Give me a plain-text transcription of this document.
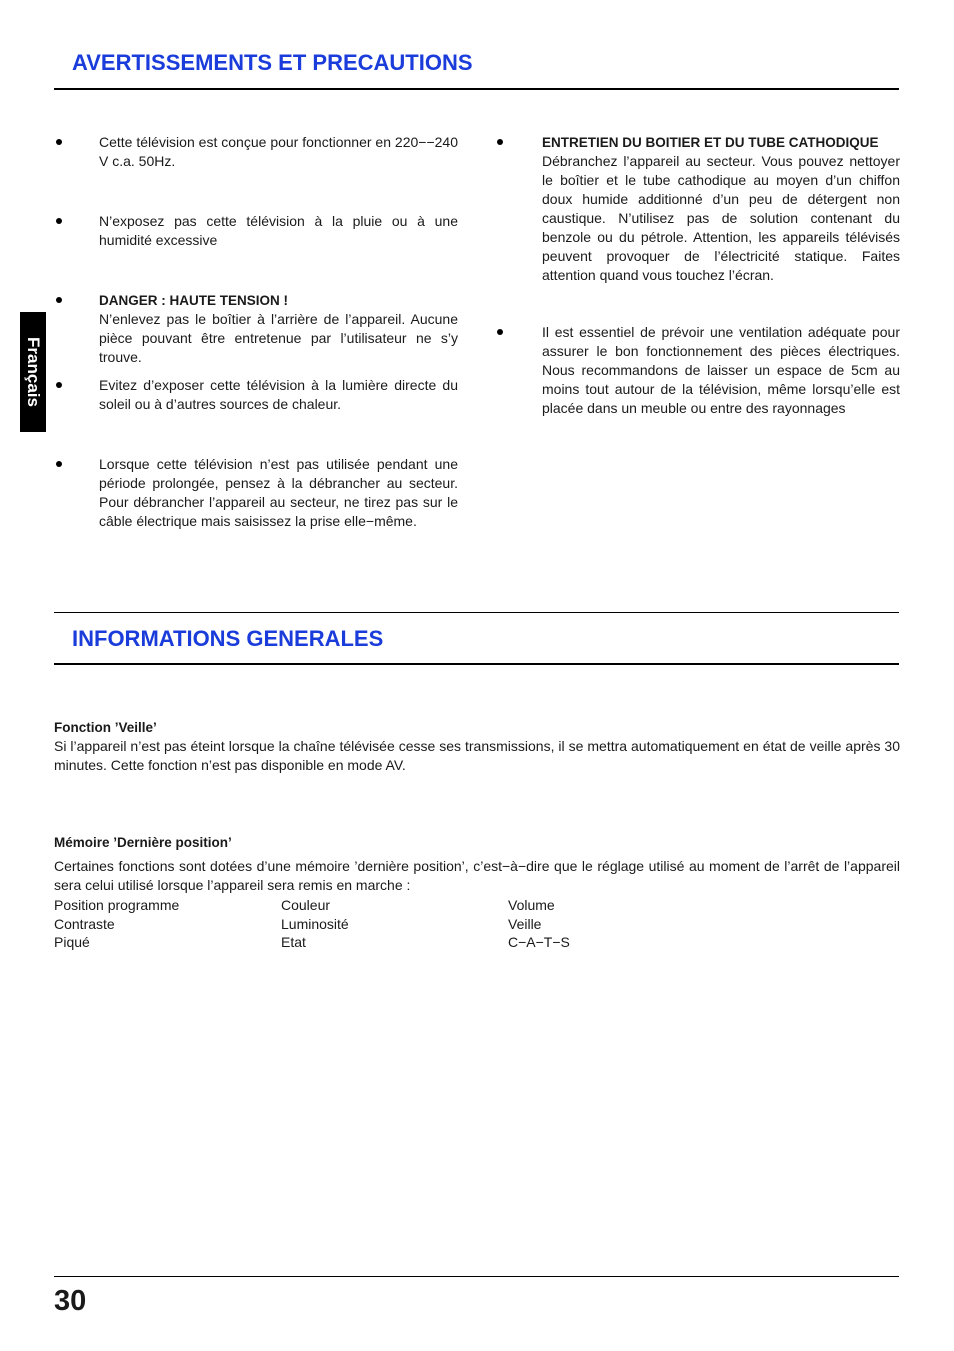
AVERTISSEMENTS ET PRECAUTIONS
Français

Cette télévision est conçue pour fonctionner en 220−−240 V c.a. 50Hz.

N’exposez pas cette télévision à la pluie ou à une humidité excessive

DANGER : HAUTE TENSION !

N’enlevez pas le boîtier à l’arrière de l’appareil. Aucune pièce pouvant être entretenue par l’utilisateur ne s’y trouve.

Evitez d’exposer cette télévision à la lumière directe du soleil ou à d’autres sources de chaleur.

Lorsque cette télévision n’est pas utilisée pendant une période prolongée, pensez à la débrancher au secteur. Pour débrancher l’appareil au secteur, ne tirez pas sur le câble électrique mais saisissez la prise elle−même.

ENTRETIEN DU BOITIER ET DU TUBE CATHODIQUE

Débranchez l’appareil au secteur. Vous pouvez nettoyer le boîtier et le tube cathodique au moyen d’un chiffon doux humide additionné d’un peu de détergent non caustique. N’utilisez pas de solution contenant du benzole ou du pétrole. Attention, les appareils télévisés peuvent provoquer de l’électricité statique. Faites attention quand vous touchez l’écran.

Il est essentiel de prévoir une ventilation adéquate pour assurer le bon fonctionnement des pièces électriques. Nous recommandons de laisser un espace de 5cm au moins tout autour de la télévision, même lorsqu’elle est placée dans un meuble ou entre des rayonnages

INFORMATIONS GENERALES

Fonction ’Veille’

Si l’appareil n’est pas éteint lorsque la chaîne télévisée cesse ses transmissions, il se mettra automatiquement en état de veille après 30 minutes. Cette fonction n’est pas disponible en mode AV.

Mémoire ’Dernière position’

Certaines fonctions sont dotées d’une mémoire ’dernière position’, c’est−à−dire que le réglage utilisé au moment de l’arrêt de l’appareil sera celui utilisé lorsque l’appareil sera remis en marche :

Position programme	Couleur	Volume

Contraste	Luminosité	Veille

Piqué	Etat	C−A−T−S

30
